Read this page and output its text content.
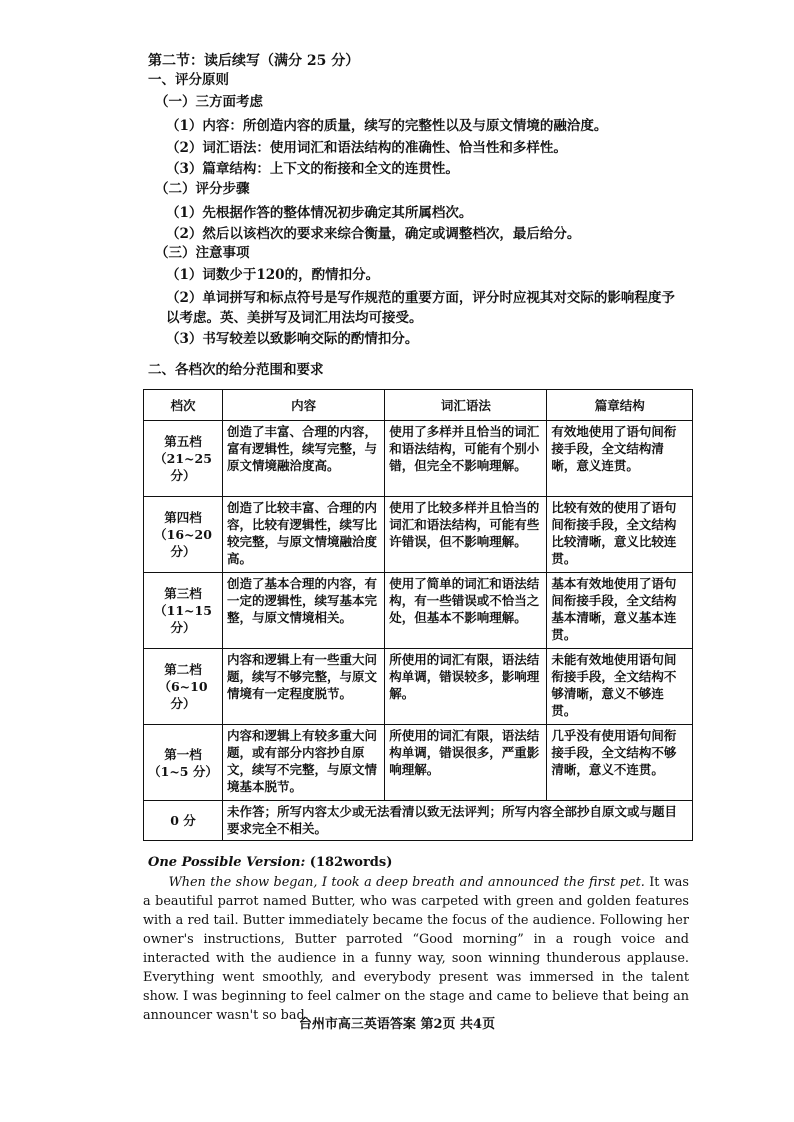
第二节：读后续写（满分 25 分）
一、评分原则
（一）三方面考虑
（1）内容：所创造内容的质量，续写的完整性以及与原文情境的融洽度。
（2）词汇语法：使用词汇和语法结构的准确性、恰当性和多样性。
（3）篇章结构：上下文的衔接和全文的连贯性。
（二）评分步骤
（1）先根据作答的整体情况初步确定其所属档次。
（2）然后以该档次的要求来综合衡量，确定或调整档次，最后给分。
（三）注意事项
（1）词数少于120的，酌情扣分。
（2）单词拼写和标点符号是写作规范的重要方面，评分时应视其对交际的影响程度予以考虑。英、美拼写及词汇用法均可接受。
（3）书写较差以致影响交际的酌情扣分。
二、各档次的给分范围和要求
档次	内容	词汇语法	篇章结构

第五档
（21~25 分）	创造了丰富、合理的内容，富有逻辑性，续写完整，与原文情境融洽度高。	使用了多样并且恰当的词汇和语法结构，可能有个别小错，但完全不影响理解。	有效地使用了语句间衔接手段，全文结构清晰，意义连贯。

第四档
（16~20 分）	创造了比较丰富、合理的内容，比较有逻辑性，续写比较完整，与原文情境融洽度高。	使用了比较多样并且恰当的词汇和语法结构，可能有些许错误，但不影响理解。	比较有效的使用了语句间衔接手段，全文结构比较清晰，意义比较连贯。

第三档
（11~15 分）	创造了基本合理的内容，有一定的逻辑性，续写基本完整，与原文情境相关。	使用了简单的词汇和语法结构，有一些错误或不恰当之处，但基本不影响理解。	基本有效地使用了语句间衔接手段，全文结构基本清晰，意义基本连贯。

第二档
（6~10 分）	内容和逻辑上有一些重大问题，续写不够完整，与原文情境有一定程度脱节。	所使用的词汇有限，语法结构单调，错误较多，影响理解。	未能有效地使用语句间衔接手段，全文结构不够清晰，意义不够连贯。

第一档
（1~5 分）	内容和逻辑上有较多重大问题，或有部分内容抄自原文，续写不完整，与原文情境基本脱节。	所使用的词汇有限，语法结构单调，错误很多，严重影响理解。	几乎没有使用语句间衔接手段，全文结构不够清晰，意义不连贯。
0 分	未作答；所写内容太少或无法看清以致无法评判；所写内容全部抄自原文或与题目要求完全不相关。		
One Possible Version: (182words)
  When the show began, I took a deep breath and announced the first pet. It was a beautiful parrot named Butter, who was carpeted with green and golden features with a red tail. Butter immediately became the focus of the audience. Following her owner's instructions, Butter parroted “Good morning” in a rough voice and interacted with the audience in a funny way, soon winning thunderous applause. Everything went smoothly, and everybody present was immersed in the talent show. I was beginning to feel calmer on the stage and came to believe that being an announcer wasn't so bad.
台州市高三英语答案 第2页 共4页
